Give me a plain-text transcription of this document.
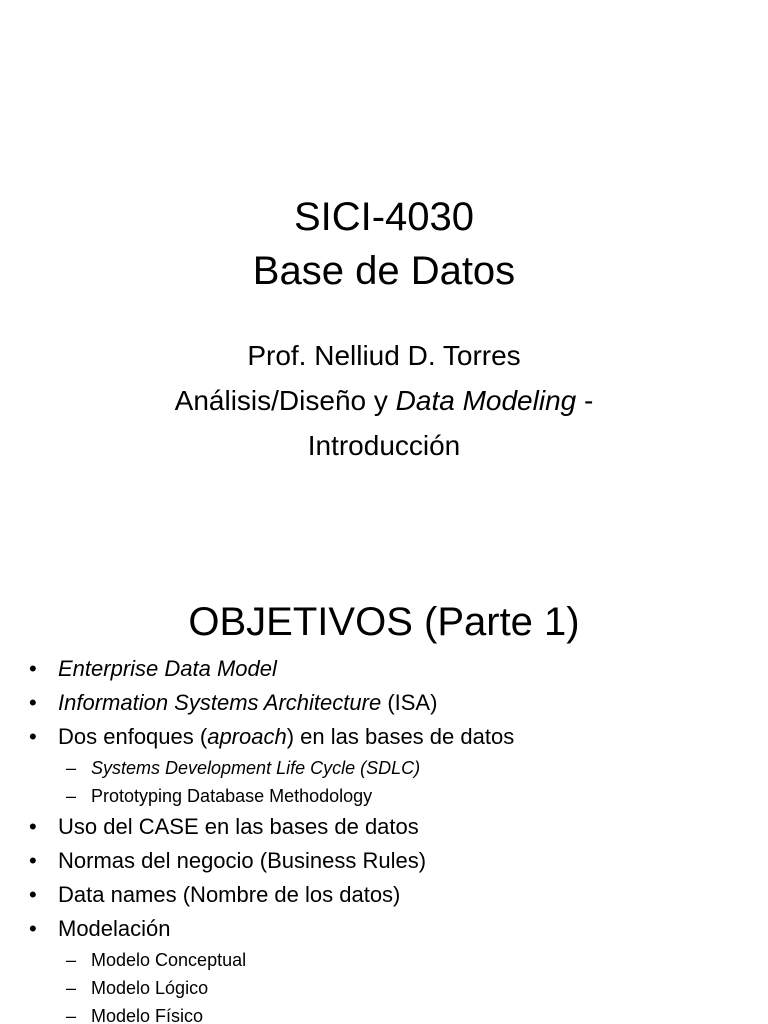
SICI-4030
Base de Datos
Prof. Nelliud D. Torres
Análisis/Diseño y Data Modeling -
Introducción
OBJETIVOS (Parte 1)
• Enterprise Data Model
• Information Systems Architecture (ISA)
• Dos enfoques (aproach) en las bases de datos
– Systems Development Life Cycle (SDLC)
– Prototyping Database Methodology
• Uso del CASE en las bases de datos
• Normas del negocio (Business Rules)
• Data names (Nombre de los datos)
• Modelación
– Modelo Conceptual
– Modelo Lógico
– Modelo Físico
